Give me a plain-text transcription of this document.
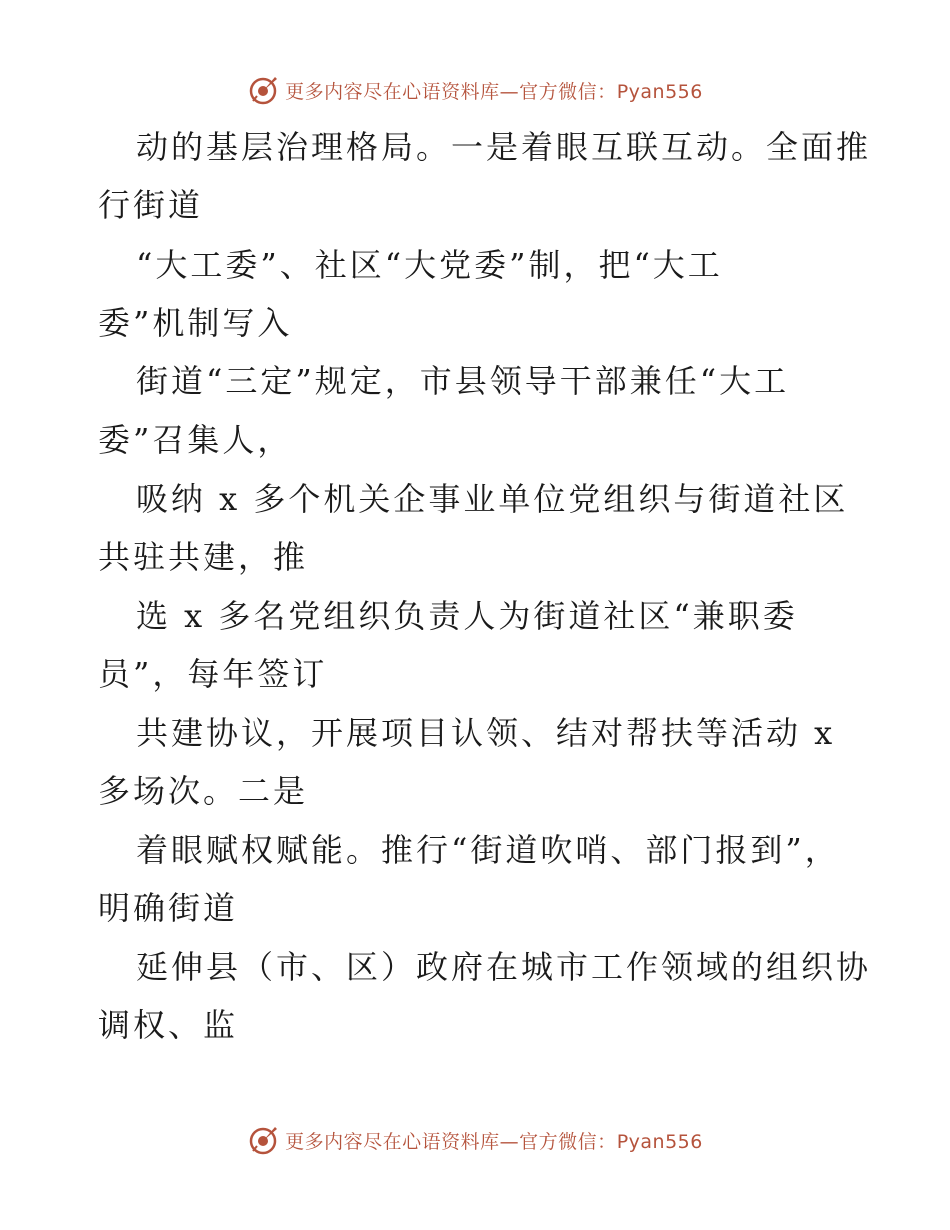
更多内容尽在心语资料库—官方微信：Pyan556
动的基层治理格局。一是着眼互联互动。全面推
行街道
“大工委”、社区“大党委”制，把“大工
委”机制写入
街道“三定”规定，市县领导干部兼任“大工
委”召集人，
吸纳 x 多个机关企事业单位党组织与街道社区
共驻共建，推
选 x 多名党组织负责人为街道社区“兼职委
员”，每年签订
共建协议，开展项目认领、结对帮扶等活动 x
多场次。二是
着眼赋权赋能。推行“街道吹哨、部门报到”，
明确街道
延伸县（市、区）政府在城市工作领域的组织协
调权、监
更多内容尽在心语资料库—官方微信：Pyan556
